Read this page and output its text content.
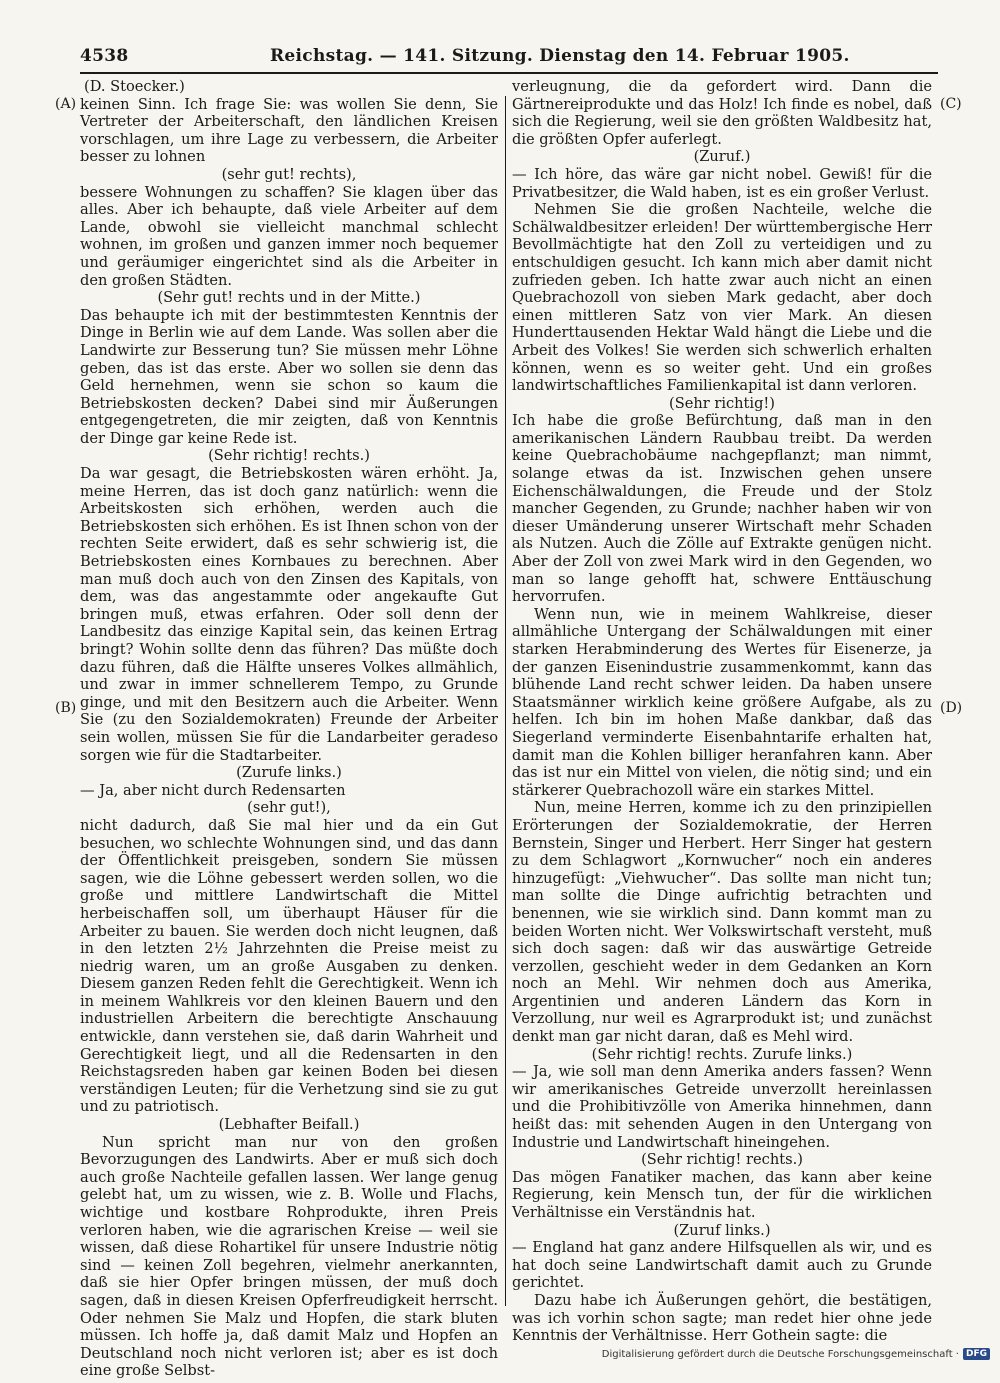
4538	Reichstag. — 141. Sitzung. Dienstag den 14. Februar 1905.
(A)
(B)
(C)
(D)

(D. Stoecker.)

keinen Sinn. Ich frage Sie: was wollen Sie denn, Sie Vertreter der Arbeiterschaft, den ländlichen Kreisen vorschlagen, um ihre Lage zu verbessern, die Arbeiter besser zu lohnen

(sehr gut! rechts),

bessere Wohnungen zu schaffen? Sie klagen über das alles. Aber ich behaupte, daß viele Arbeiter auf dem Lande, obwohl sie vielleicht manchmal schlecht wohnen, im großen und ganzen immer noch bequemer und geräumiger eingerichtet sind als die Arbeiter in den großen Städten.

(Sehr gut! rechts und in der Mitte.)

Das behaupte ich mit der bestimmtesten Kenntnis der Dinge in Berlin wie auf dem Lande. Was sollen aber die Landwirte zur Besserung tun? Sie müssen mehr Löhne geben, das ist das erste. Aber wo sollen sie denn das Geld hernehmen, wenn sie schon so kaum die Betriebskosten decken? Dabei sind mir Äußerungen entgegengetreten, die mir zeigten, daß von Kenntnis der Dinge gar keine Rede ist.

(Sehr richtig! rechts.)

Da war gesagt, die Betriebskosten wären erhöht. Ja, meine Herren, das ist doch ganz natürlich: wenn die Arbeitskosten sich erhöhen, werden auch die Betriebskosten sich erhöhen. Es ist Ihnen schon von der rechten Seite erwidert, daß es sehr schwierig ist, die Betriebskosten eines Kornbaues zu berechnen. Aber man muß doch auch von den Zinsen des Kapitals, von dem, was das angestammte oder angekaufte Gut bringen muß, etwas erfahren. Oder soll denn der Landbesitz das einzige Kapital sein, das keinen Ertrag bringt? Wohin sollte denn das führen? Das müßte doch dazu führen, daß die Hälfte unseres Volkes allmählich, und zwar in immer schnellerem Tempo, zu Grunde ginge, und mit den Besitzern auch die Arbeiter. Wenn Sie (zu den Sozialdemokraten) Freunde der Arbeiter sein wollen, müssen Sie für die Landarbeiter geradeso sorgen wie für die Stadtarbeiter.

(Zurufe links.)

— Ja, aber nicht durch Redensarten

(sehr gut!),

nicht dadurch, daß Sie mal hier und da ein Gut besuchen, wo schlechte Wohnungen sind, und das dann der Öffentlichkeit preisgeben, sondern Sie müssen sagen, wie die Löhne gebessert werden sollen, wo die große und mittlere Landwirtschaft die Mittel herbeischaffen soll, um überhaupt Häuser für die Arbeiter zu bauen. Sie werden doch nicht leugnen, daß in den letzten 2½ Jahrzehnten die Preise meist zu niedrig waren, um an große Ausgaben zu denken. Diesem ganzen Reden fehlt die Gerechtigkeit. Wenn ich in meinem Wahlkreis vor den kleinen Bauern und den industriellen Arbeitern die berechtigte Anschauung entwickle, dann verstehen sie, daß darin Wahrheit und Gerechtigkeit liegt, und all die Redensarten in den Reichstagsreden haben gar keinen Boden bei diesen verständigen Leuten; für die Verhetzung sind sie zu gut und zu patriotisch.

(Lebhafter Beifall.)

Nun spricht man nur von den großen Bevorzugungen des Landwirts. Aber er muß sich doch auch große Nachteile gefallen lassen. Wer lange genug gelebt hat, um zu wissen, wie z. B. Wolle und Flachs, wichtige und kostbare Rohprodukte, ihren Preis verloren haben, wie die agrarischen Kreise — weil sie wissen, daß diese Rohartikel für unsere Industrie nötig sind — keinen Zoll begehren, vielmehr anerkannten, daß sie hier Opfer bringen müssen, der muß doch sagen, daß in diesen Kreisen Opferfreudigkeit herrscht. Oder nehmen Sie Malz und Hopfen, die stark bluten müssen. Ich hoffe ja, daß damit Malz und Hopfen an Deutschland noch nicht verloren ist; aber es ist doch eine große Selbst-

verleugnung, die da gefordert wird. Dann die Gärtnereiprodukte und das Holz! Ich finde es nobel, daß sich die Regierung, weil sie den größten Waldbesitz hat, die größten Opfer auferlegt.

(Zuruf.)

— Ich höre, das wäre gar nicht nobel. Gewiß! für die Privatbesitzer, die Wald haben, ist es ein großer Verlust.

Nehmen Sie die großen Nachteile, welche die Schälwaldbesitzer erleiden! Der württembergische Herr Bevollmächtigte hat den Zoll zu verteidigen und zu entschuldigen gesucht. Ich kann mich aber damit nicht zufrieden geben. Ich hatte zwar auch nicht an einen Quebrachozoll von sieben Mark gedacht, aber doch einen mittleren Satz von vier Mark. An diesen Hunderttausenden Hektar Wald hängt die Liebe und die Arbeit des Volkes! Sie werden sich schwerlich erhalten können, wenn es so weiter geht. Und ein großes landwirtschaftliches Familienkapital ist dann verloren.

(Sehr richtig!)

Ich habe die große Befürchtung, daß man in den amerikanischen Ländern Raubbau treibt. Da werden keine Quebrachobäume nachgepflanzt; man nimmt, solange etwas da ist. Inzwischen gehen unsere Eichenschälwaldungen, die Freude und der Stolz mancher Gegenden, zu Grunde; nachher haben wir von dieser Umänderung unserer Wirtschaft mehr Schaden als Nutzen. Auch die Zölle auf Extrakte genügen nicht. Aber der Zoll von zwei Mark wird in den Gegenden, wo man so lange gehofft hat, schwere Enttäuschung hervorrufen.

Wenn nun, wie in meinem Wahlkreise, dieser allmähliche Untergang der Schälwaldungen mit einer starken Herabminderung des Wertes für Eisenerze, ja der ganzen Eisenindustrie zusammenkommt, kann das blühende Land recht schwer leiden. Da haben unsere Staatsmänner wirklich keine größere Aufgabe, als zu helfen. Ich bin im hohen Maße dankbar, daß das Siegerland verminderte Eisenbahntarife erhalten hat, damit man die Kohlen billiger heranfahren kann. Aber das ist nur ein Mittel von vielen, die nötig sind; und ein stärkerer Quebrachozoll wäre ein starkes Mittel.

Nun, meine Herren, komme ich zu den prinzipiellen Erörterungen der Sozialdemokratie, der Herren Bernstein, Singer und Herbert. Herr Singer hat gestern zu dem Schlagwort „Kornwucher“ noch ein anderes hinzugefügt: „Viehwucher“. Das sollte man nicht tun; man sollte die Dinge aufrichtig betrachten und benennen, wie sie wirklich sind. Dann kommt man zu beiden Worten nicht. Wer Volkswirtschaft versteht, muß sich doch sagen: daß wir das auswärtige Getreide verzollen, geschieht weder in dem Gedanken an Korn noch an Mehl. Wir nehmen doch aus Amerika, Argentinien und anderen Ländern das Korn in Verzollung, nur weil es Agrarprodukt ist; und zunächst denkt man gar nicht daran, daß es Mehl wird.

(Sehr richtig! rechts. Zurufe links.)

— Ja, wie soll man denn Amerika anders fassen? Wenn wir amerikanisches Getreide unverzollt hereinlassen und die Prohibitivzölle von Amerika hinnehmen, dann heißt das: mit sehenden Augen in den Untergang von Industrie und Landwirtschaft hineingehen.

(Sehr richtig! rechts.)

Das mögen Fanatiker machen, das kann aber keine Regierung, kein Mensch tun, der für die wirklichen Verhältnisse ein Verständnis hat.

(Zuruf links.)

— England hat ganz andere Hilfsquellen als wir, und es hat doch seine Landwirtschaft damit auch zu Grunde gerichtet.

Dazu habe ich Äußerungen gehört, die bestätigen, was ich vorhin schon sagte; man redet hier ohne jede Kenntnis der Verhältnisse. Herr Gothein sagte: die

Digitalisierung gefördert durch die Deutsche Forschungsgemeinschaft · DFG
